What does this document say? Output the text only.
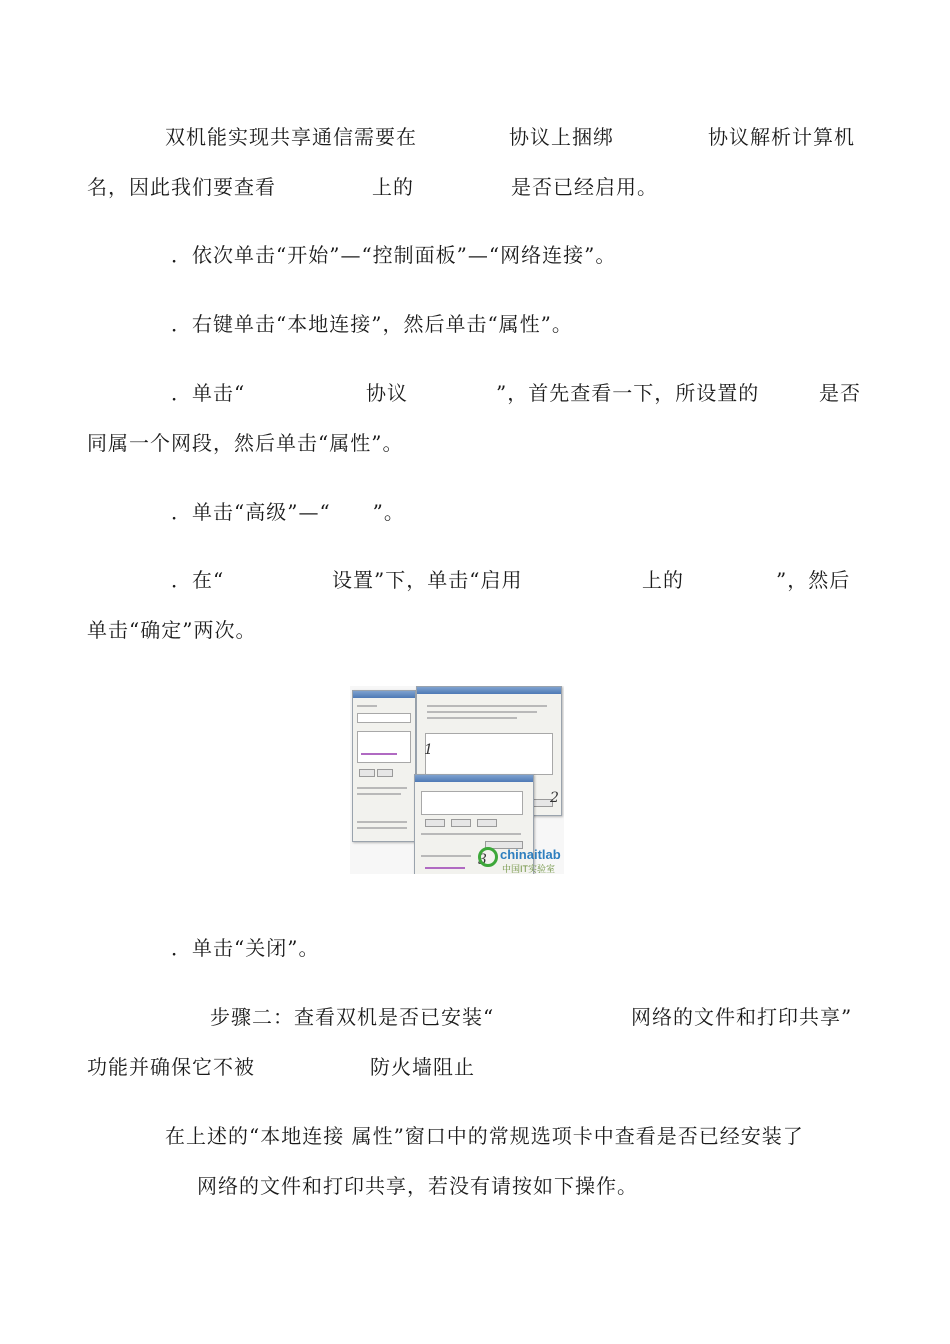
双机能实现共享通信需要在	协议上捆绑	协议解析计算机
名，因此我们要查看	上的	是否已经启用。

．依次单击“开始”—“控制面板”—“网络连接”。

．右键单击“本地连接”，然后单击“属性”。

．单击“	协议	”，首先查看一下，所设置的	是否

同属一个网段，然后单击“属性”。

．单击“高级”—“　　”。

．在“	设置”下，单击“启用	上的	”，然后

单击“确定”两次。

1
2
3 chinaitlab
中国IT实验室

．单击“关闭”。

步骤二：查看双机是否已安装“	网络的文件和打印共享”
功能并确保它不被	防火墙阻止

在上述的“本地连接 属性”窗口中的常规选项卡中查看是否已经安装了

网络的文件和打印共享，若没有请按如下操作。
